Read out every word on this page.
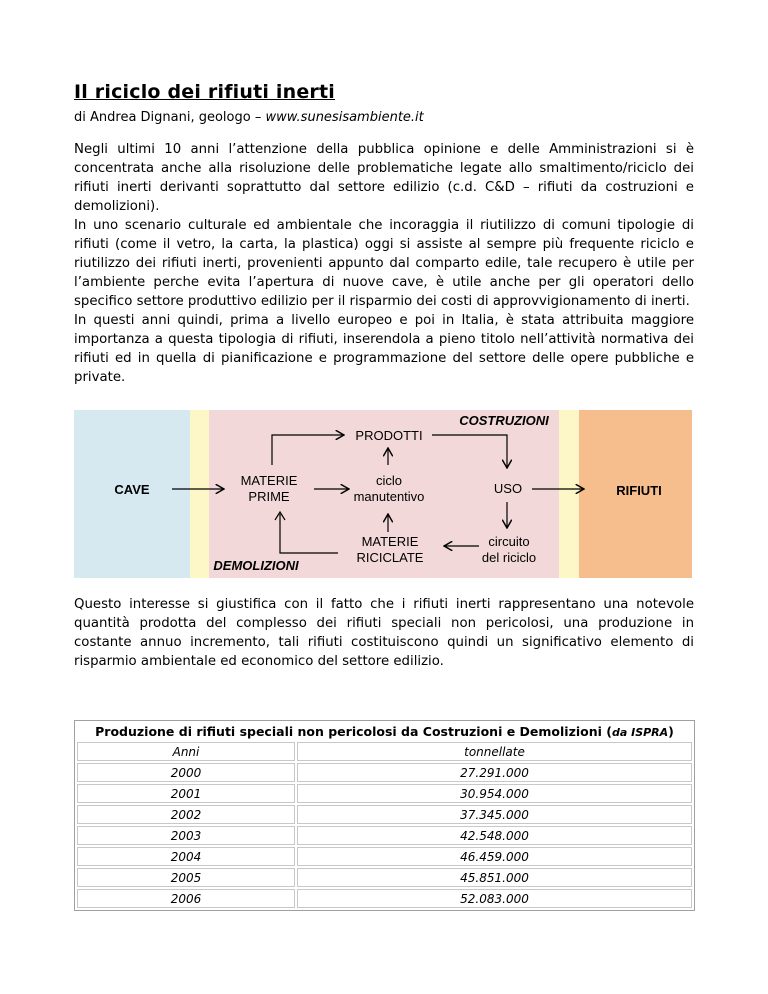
Il riciclo dei rifiuti inerti

di Andrea Dignani, geologo – www.sunesisambiente.it

Negli ultimi 10 anni l’attenzione della pubblica opinione e delle Amministrazioni si è concentrata anche alla risoluzione delle problematiche legate allo smaltimento/riciclo dei rifiuti inerti derivanti soprattutto dal settore edilizio (c.d. C&D – rifiuti da costruzioni e demolizioni).

In uno scenario culturale ed ambientale che incoraggia il riutilizzo di comuni tipologie di rifiuti (come il vetro, la carta, la plastica) oggi si assiste al sempre più frequente riciclo e riutilizzo dei rifiuti inerti, provenienti appunto dal comparto edile, tale recupero è utile per l’ambiente perche evita l’apertura di nuove cave, è utile anche per gli operatori dello specifico settore produttivo edilizio per il risparmio dei costi di approvvigionamento di inerti.

In questi anni quindi, prima a livello europeo e poi in Italia, è stata attribuita maggiore importanza a questa tipologia di rifiuti, inserendola a pieno titolo nell’attività normativa dei rifiuti ed in quella di pianificazione e programmazione del settore delle opere pubbliche e private.

CAVE
COSTRUZIONI
DEMOLIZIONI
RIFIUTI
PRODOTTI
MATERIE
PRIME
ciclo
manutentivo
USO
MATERIE
RICICLATE
circuito
del riciclo

Questo interesse si giustifica con il fatto che i rifiuti inerti rappresentano una notevole quantità prodotta del complesso dei rifiuti speciali non pericolosi, una produzione in costante annuo incremento, tali rifiuti costituiscono quindi un significativo elemento di risparmio ambientale ed economico del settore edilizio.

Produzione di rifiuti speciali non pericolosi da Costruzioni e Demolizioni (da ISPRA)	
Anni	tonnellate
2000	27.291.000
2001	30.954.000
2002	37.345.000
2003	42.548.000
2004	46.459.000
2005	45.851.000
2006	52.083.000
